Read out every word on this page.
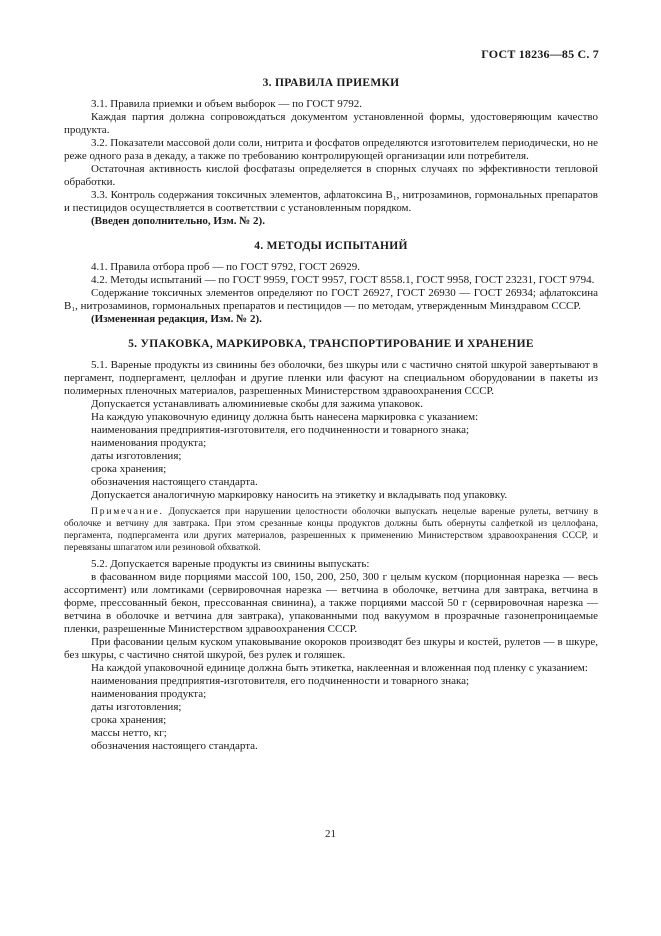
ГОСТ 18236—85 С. 7
3. ПРАВИЛА ПРИЕМКИ

3.1. Правила приемки и объем выборок — по ГОСТ 9792.

Каждая партия должна сопровождаться документом установленной формы, удостоверяющим качество продукта.

3.2. Показатели массовой доли соли, нитрита и фосфатов определяются изготовителем периодически, но не реже одного раза в декаду, а также по требованию контролирующей организации или потребителя.

Остаточная активность кислой фосфатазы определяется в спорных случаях по эффективности тепловой обработки.

3.3. Контроль содержания токсичных элементов, афлатоксина В₁, нитрозаминов, гормональных препаратов и пестицидов осуществляется в соответствии с установленным порядком.

(Введен дополнительно, Изм. № 2).

4. МЕТОДЫ ИСПЫТАНИЙ

4.1. Правила отбора проб — по ГОСТ 9792, ГОСТ 26929.

4.2. Методы испытаний — по ГОСТ 9959, ГОСТ 9957, ГОСТ 8558.1, ГОСТ 9958, ГОСТ 23231, ГОСТ 9794.

Содержание токсичных элементов определяют по ГОСТ 26927, ГОСТ 26930 — ГОСТ 26934; афлатоксина В₁, нитрозаминов, гормональных препаратов и пестицидов — по методам, утвержденным Минздравом СССР.

(Измененная редакция, Изм. № 2).

5. УПАКОВКА, МАРКИРОВКА, ТРАНСПОРТИРОВАНИЕ И ХРАНЕНИЕ

5.1. Вареные продукты из свинины без оболочки, без шкуры или с частично снятой шкурой завертывают в пергамент, подпергамент, целлофан и другие пленки или фасуют на специальном оборудовании в пакеты из полимерных пленочных материалов, разрешенных Министерством здравоохранения СССР.

Допускается устанавливать алюминиевые скобы для зажима упаковок.

На каждую упаковочную единицу должна быть нанесена маркировка с указанием:

наименования предприятия-изготовителя, его подчиненности и товарного знака;

наименования продукта;

даты изготовления;

срока хранения;

обозначения настоящего стандарта.

Допускается аналогичную маркировку наносить на этикетку и вкладывать под упаковку.

Примечание. Допускается при нарушении целостности оболочки выпускать нецелые вареные рулеты, ветчину в оболочке и ветчину для завтрака. При этом срезанные концы продуктов должны быть обернуты салфеткой из целлофана, пергамента, подпергамента или других материалов, разрешенных к применению Министерством здравоохранения СССР, и перевязаны шпагатом или резиновой обхваткой.

5.2. Допускается вареные продукты из свинины выпускать:

в фасованном виде порциями массой 100, 150, 200, 250, 300 г целым куском (порционная нарезка — весь ассортимент) или ломтиками (сервировочная нарезка — ветчина в оболочке, ветчина для завтрака, ветчина в форме, прессованный бекон, прессованная свинина), а также порциями массой 50 г (сервировочная нарезка — ветчина в оболочке и ветчина для завтрака), упакованными под вакуумом в прозрачные газонепроницаемые пленки, разрешенные Министерством здравоохранения СССР.

При фасовании целым куском упаковывание окороков производят без шкуры и костей, рулетов — в шкуре, без шкуры, с частично снятой шкурой, без рулек и голяшек.

На каждой упаковочной единице должна быть этикетка, наклеенная и вложенная под пленку с указанием:

наименования предприятия-изготовителя, его подчиненности и товарного знака;

наименования продукта;

даты изготовления;

срока хранения;

массы нетто, кг;

обозначения настоящего стандарта.

21
